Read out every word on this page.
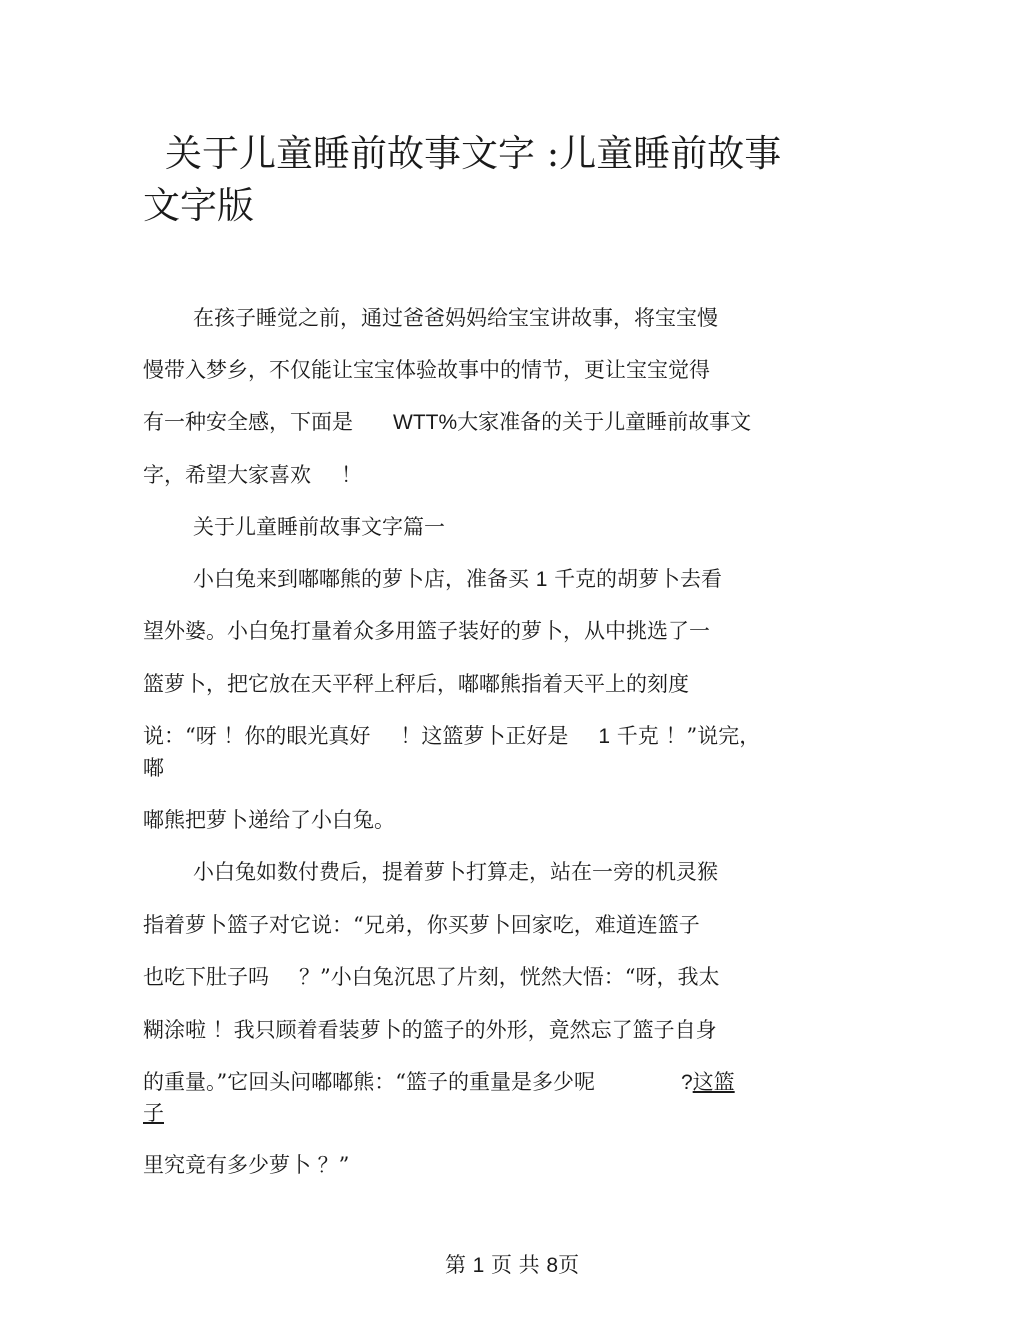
关于儿童睡前故事文字 :儿童睡前故事
文字版
在孩子睡觉之前，通过爸爸妈妈给宝宝讲故事，将宝宝慢
慢带入梦乡，不仅能让宝宝体验故事中的情节，更让宝宝觉得
有一种安全感，下面是 WTT%大家准备的关于儿童睡前故事文
字，希望大家喜欢 ！
关于儿童睡前故事文字篇一
小白兔来到嘟嘟熊的萝卜店，准备买 1 千克的胡萝卜去看
望外婆。小白兔打量着众多用篮子装好的萝卜，从中挑选了一
篮萝卜，把它放在天平秤上秤后，嘟嘟熊指着天平上的刻度
说：“呀 ！你的眼光真好 ！这篮萝卜正好是 1 千克 ！”说完，
嘟
嘟熊把萝卜递给了小白兔。
小白兔如数付费后，提着萝卜打算走，站在一旁的机灵猴
指着萝卜篮子对它说：“兄弟，你买萝卜回家吃，难道连篮子
也吃下肚子吗 ？”小白兔沉思了片刻，恍然大悟：“呀，我太
糊涂啦 ！我只顾着看装萝卜的篮子的外形，竟然忘了篮子自身
的重量。”它回头问嘟嘟熊：“篮子的重量是多少呢	?这篮
子
里究竟有多少萝卜 ？”
第 1 页 共 8页
